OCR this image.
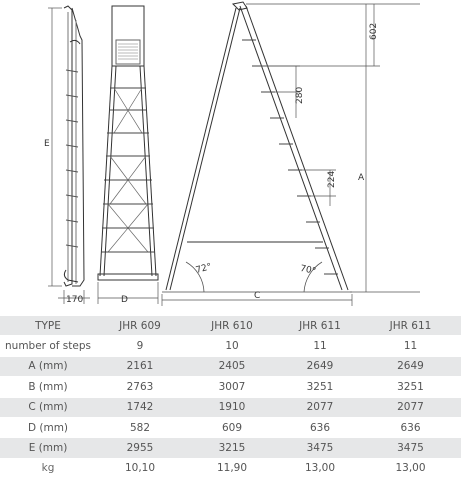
E
170	D
72°	70°
C
A
602
280
224
TYPE	JHR 609	JHR 610	JHR 611	JHR 611
number of steps	9	10	11	11
A (mm)	2161	2405	2649	2649
B (mm)	2763	3007	3251	3251
C (mm)	1742	1910	2077	2077
D (mm)	582	609	636	636
E (mm)	2955	3215	3475	3475
kg	10,10	11,90	13,00	13,00
